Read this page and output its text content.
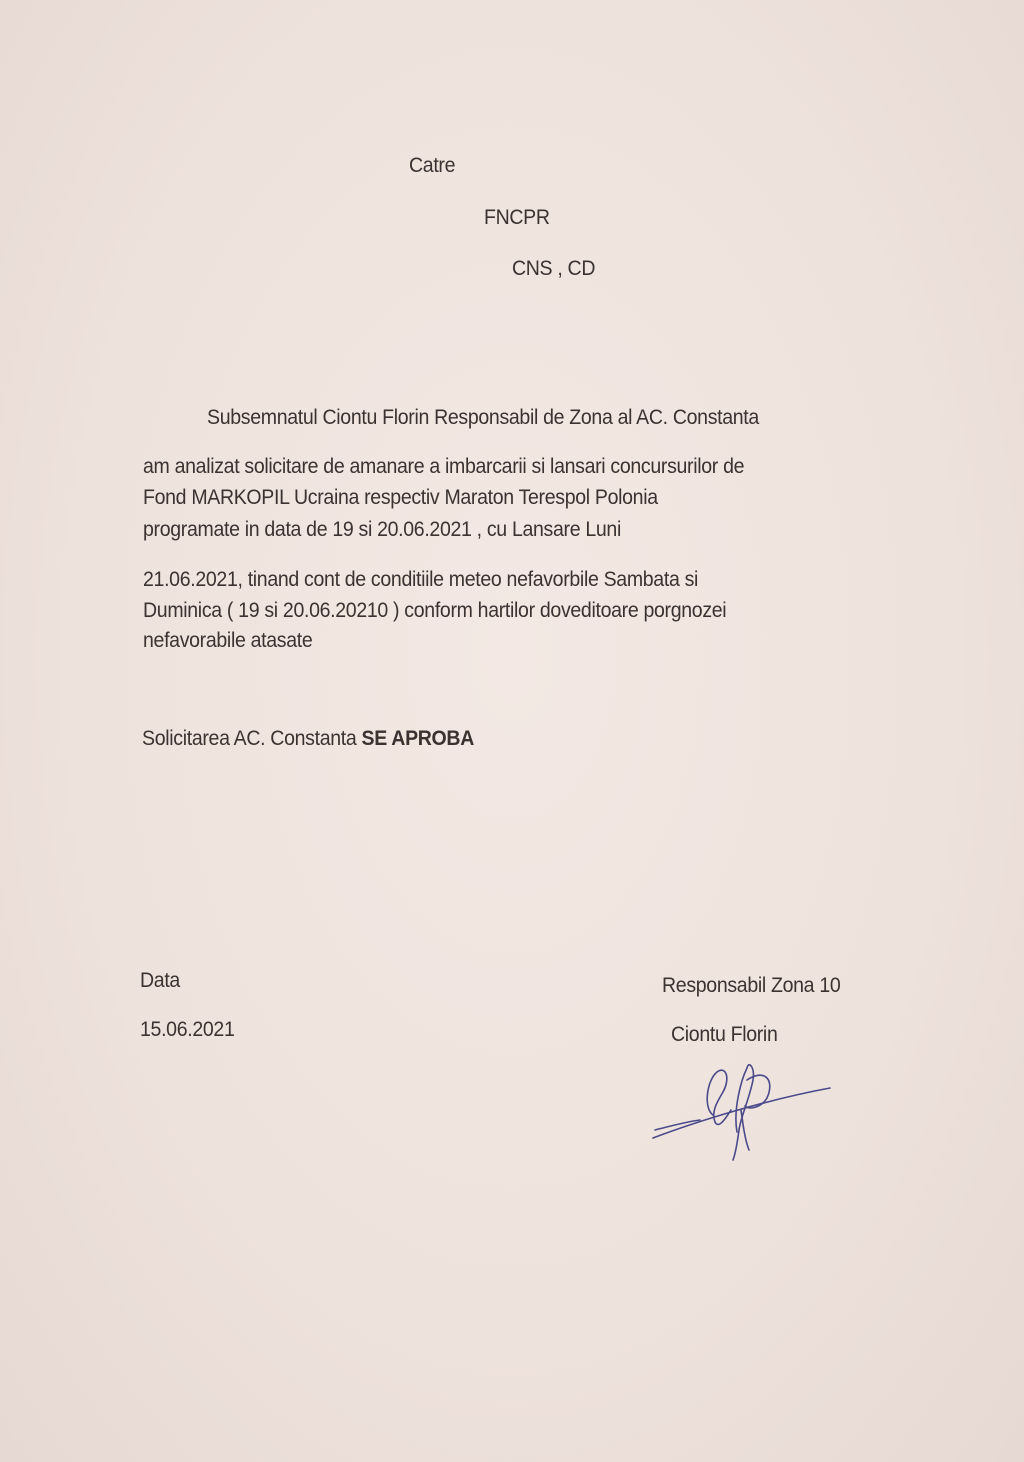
Catre
FNCPR
CNS , CD
Subsemnatul Ciontu Florin Responsabil de Zona al AC. Constanta
am analizat solicitare de amanare a imbarcarii si lansari concursurilor de
Fond MARKOPIL Ucraina respectiv Maraton Terespol Polonia
programate in data de 19 si 20.06.2021 , cu Lansare Luni
21.06.2021, tinand cont de conditiile meteo nefavorbile Sambata si
Duminica ( 19 si 20.06.20210 ) conform hartilor doveditoare porgnozei
nefavorabile atasate
Solicitarea AC. Constanta SE APROBA
Data
15.06.2021
Responsabil Zona 10
Ciontu Florin
